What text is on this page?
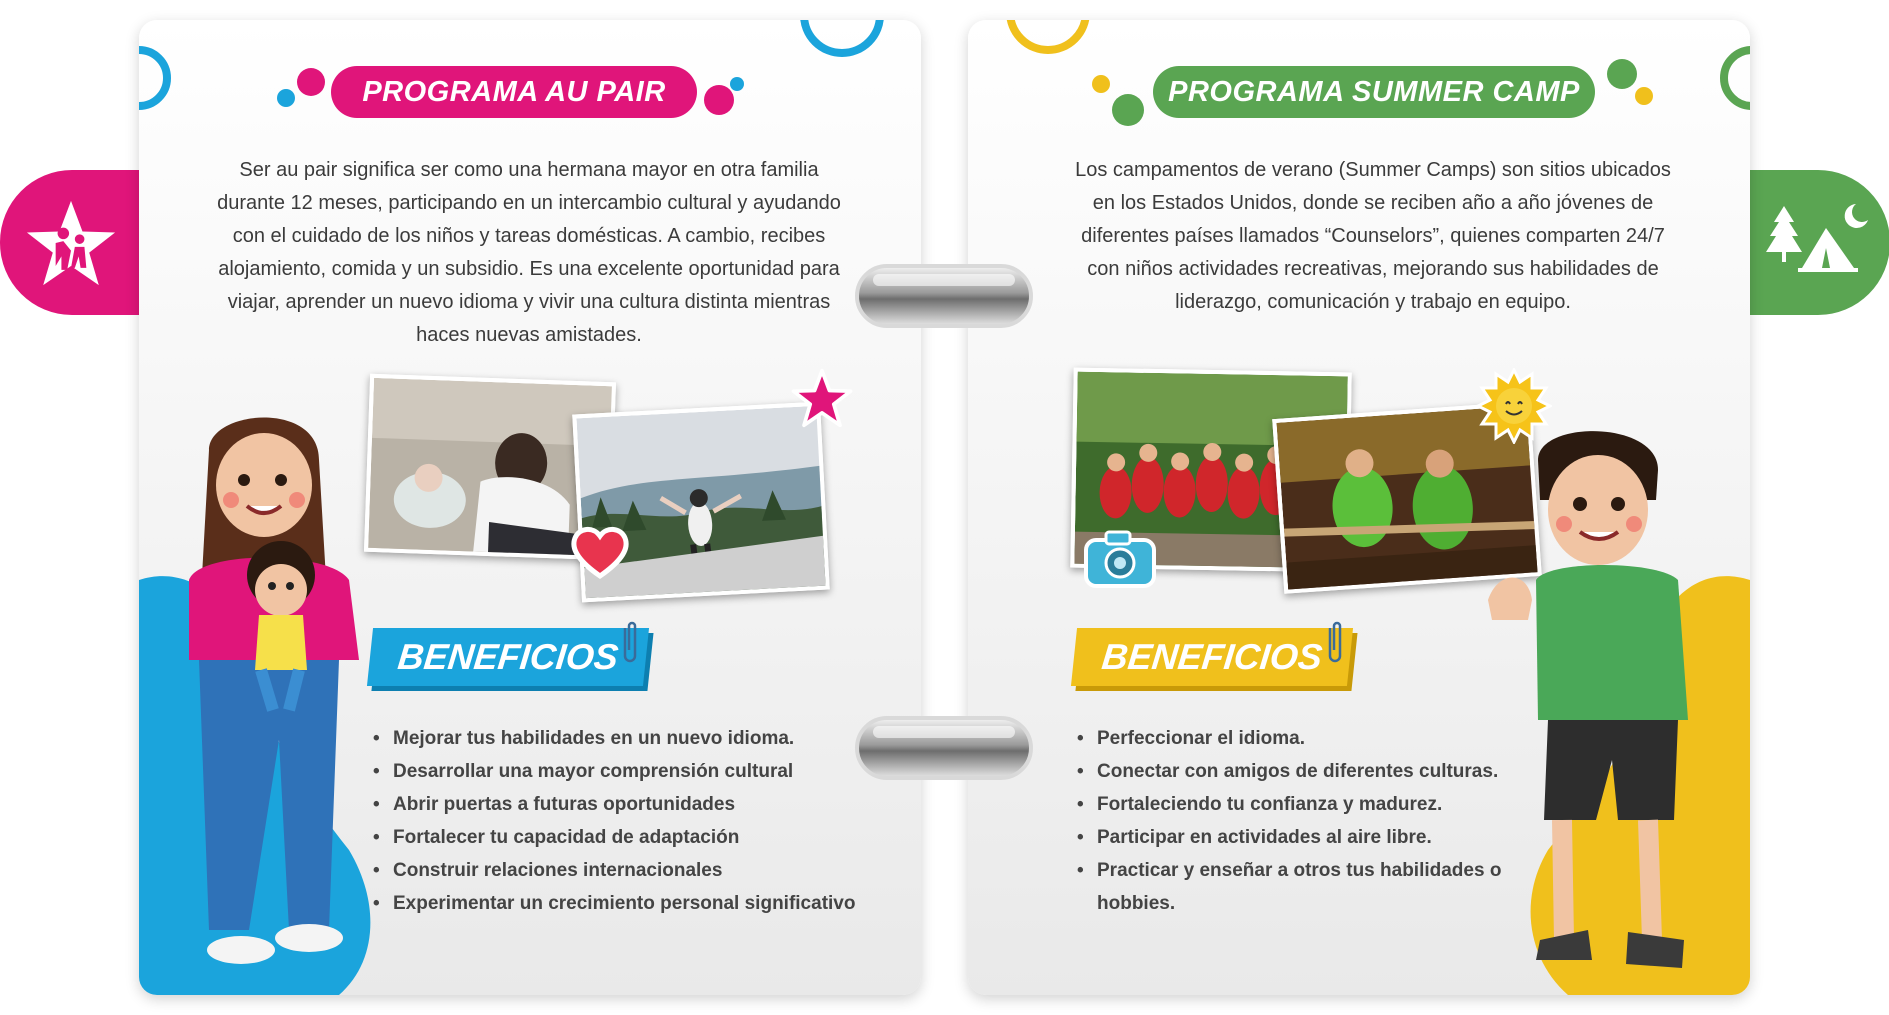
PROGRAMA AU PAIR

Ser au pair significa ser como una hermana mayor en otra familia durante 12 meses, participando en un intercambio cultural y ayudando con el cuidado de los niños y tareas domésticas. A cambio, recibes alojamiento, comida y un subsidio. Es una excelente oportunidad para viajar, aprender un nuevo idioma y vivir una cultura distinta mientras haces nuevas amistades.

BENEFICIOS
• Mejorar tus habilidades en un nuevo idioma.
• Desarrollar una mayor comprensión cultural
• Abrir puertas a futuras oportunidades
• Fortalecer tu capacidad de adaptación
• Construir relaciones internacionales
• Experimentar un crecimiento personal significativo
PROGRAMA SUMMER CAMP

Los campamentos de verano (Summer Camps) son sitios ubicados en los Estados Unidos, donde se reciben año a año jóvenes de diferentes países llamados “Counselors”, quienes comparten 24/7 con niños actividades recreativas, mejorando sus habilidades de liderazgo, comunicación y trabajo en equipo.

BENEFICIOS
• Perfeccionar el idioma.
• Conectar con amigos de diferentes culturas.
• Fortaleciendo tu confianza y madurez.
• Participar en actividades al aire libre.
• Practicar y enseñar a otros tus habilidades o hobbies.
